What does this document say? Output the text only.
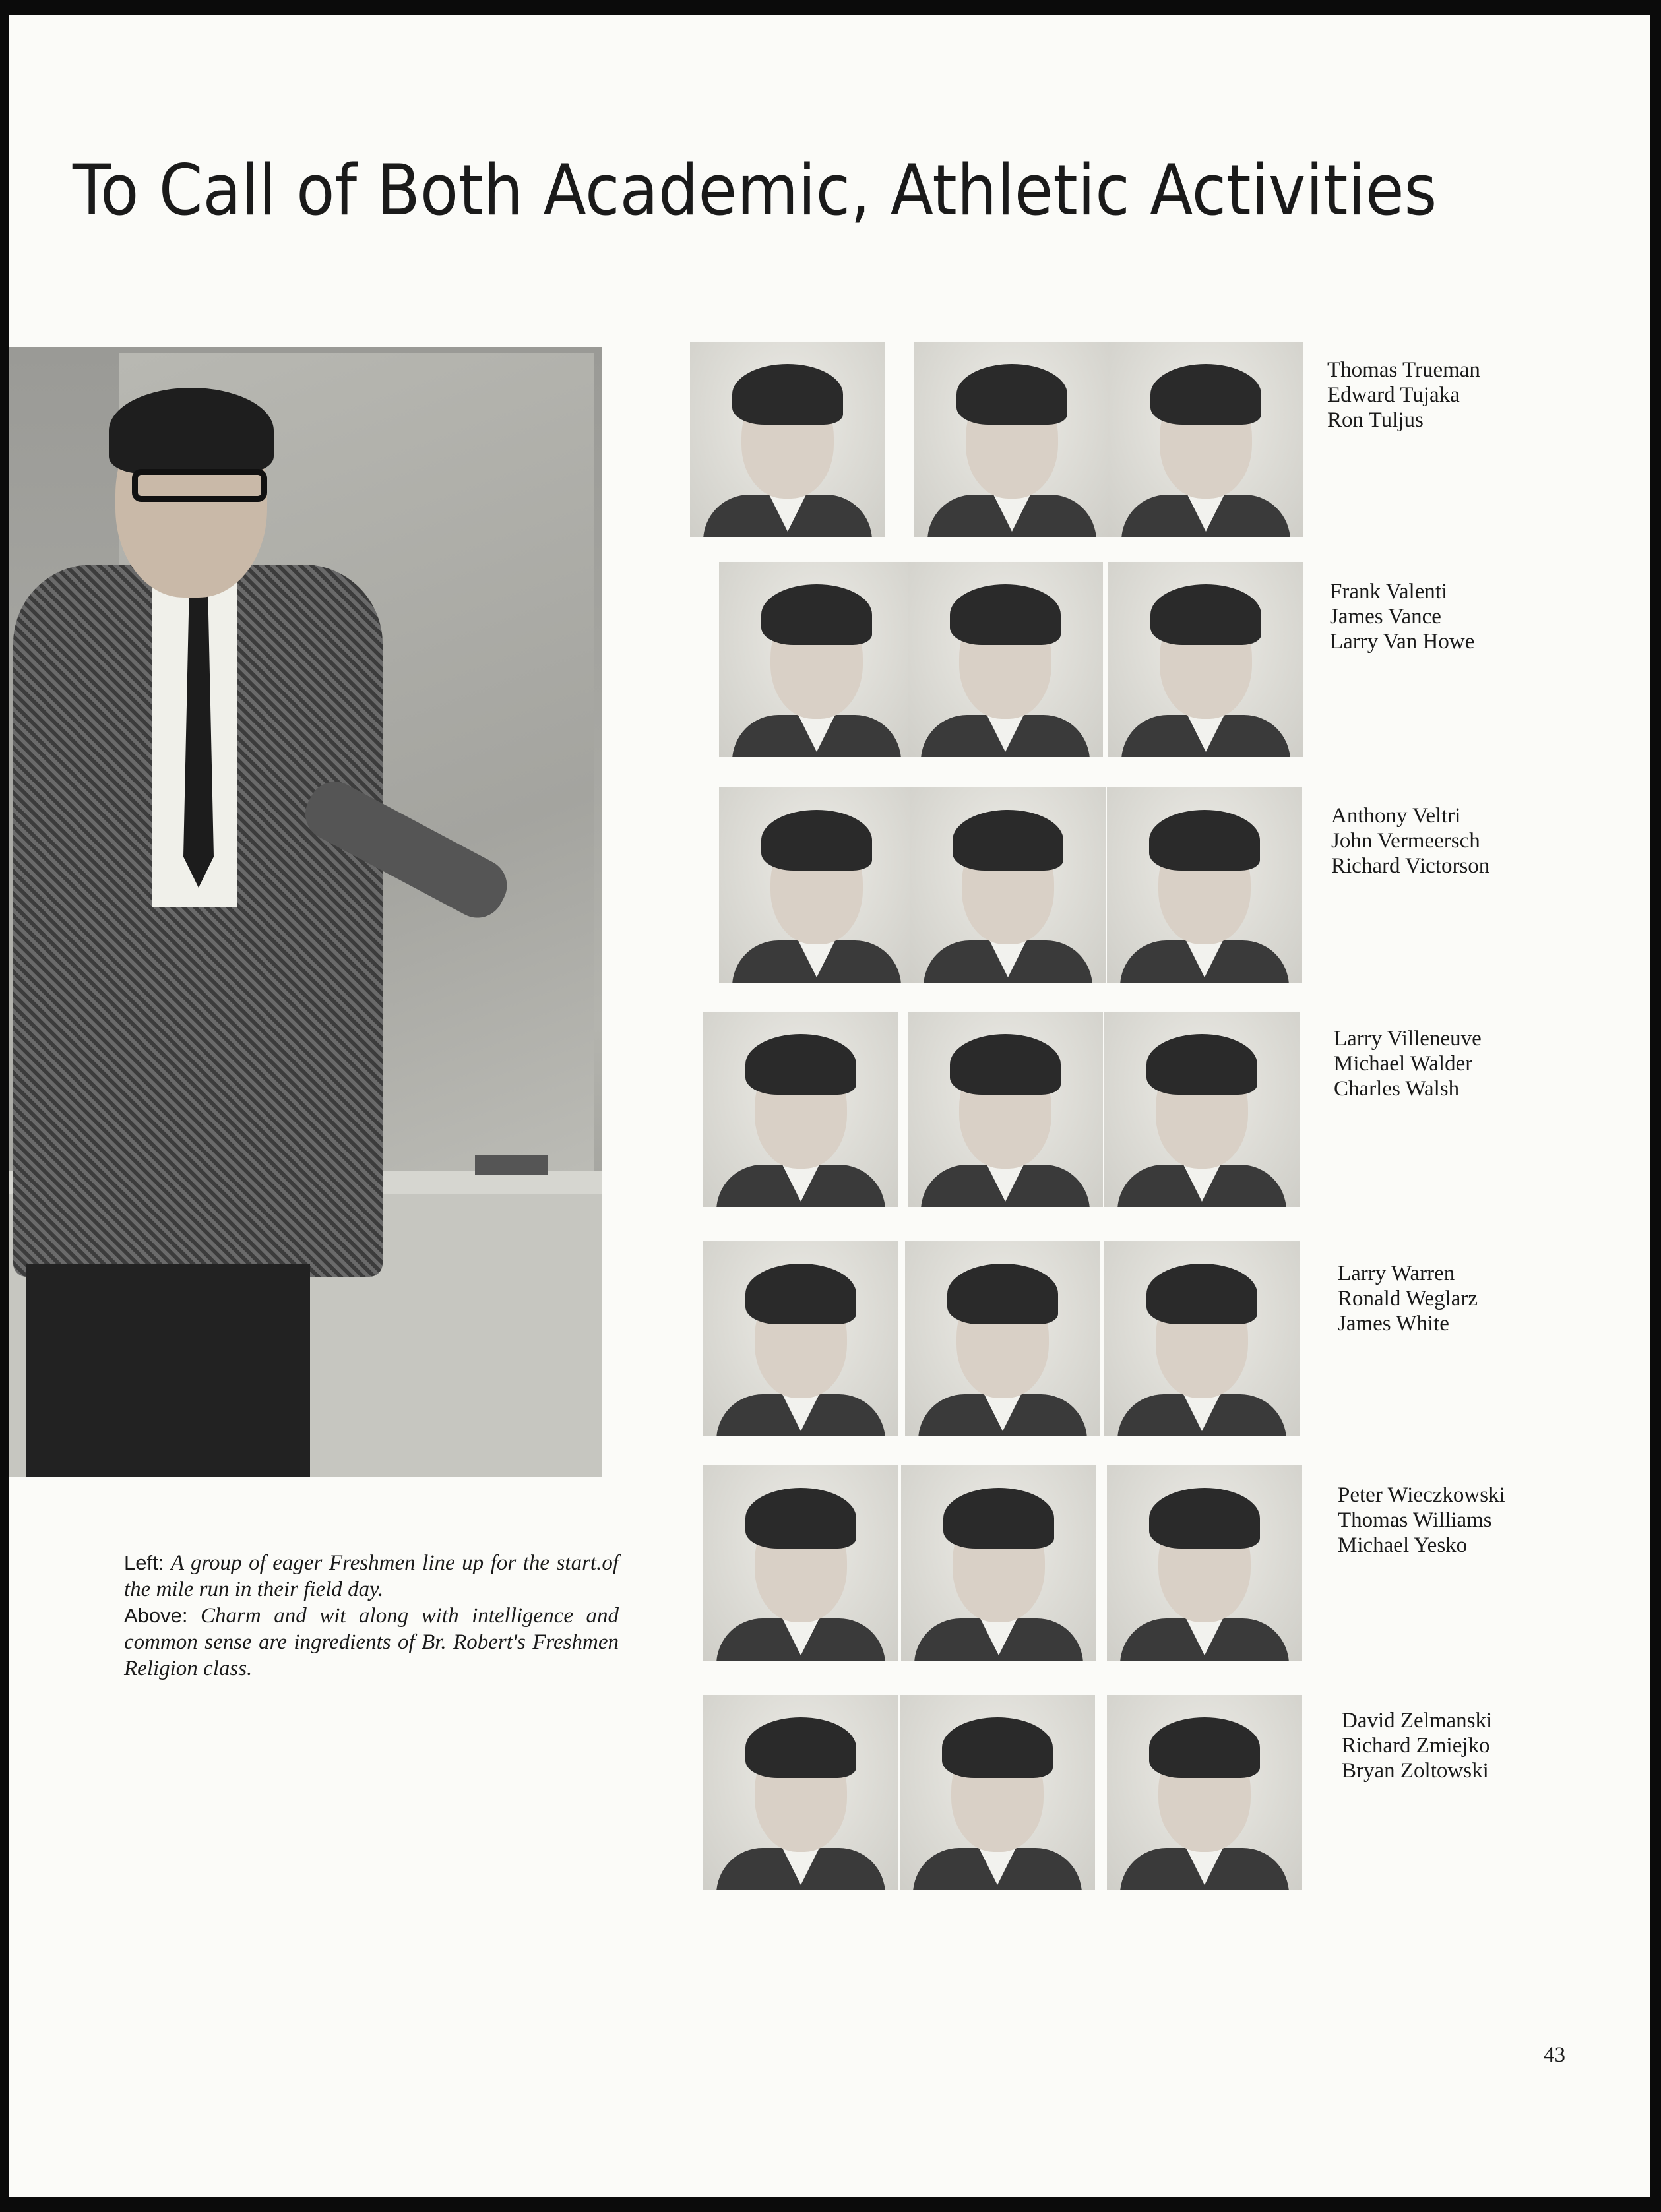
To Call of Both Academic, Athletic Activities
Left: A group of eager Freshmen line up for the start.of the mile run in their field day.
Above: Charm and wit along with intelligence and common sense are ingredients of Br. Robert's Freshmen Religion class.
Thomas Trueman
Edward Tujaka
Ron Tuljus
Frank Valenti
James Vance
Larry Van Howe
Anthony Veltri
John Vermeersch
Richard Victorson
Larry Villeneuve
Michael Walder
Charles Walsh
Larry Warren
Ronald Weglarz
James White
Peter Wieczkowski
Thomas Williams
Michael Yesko
David Zelmanski
Richard Zmiejko
Bryan Zoltowski
43
